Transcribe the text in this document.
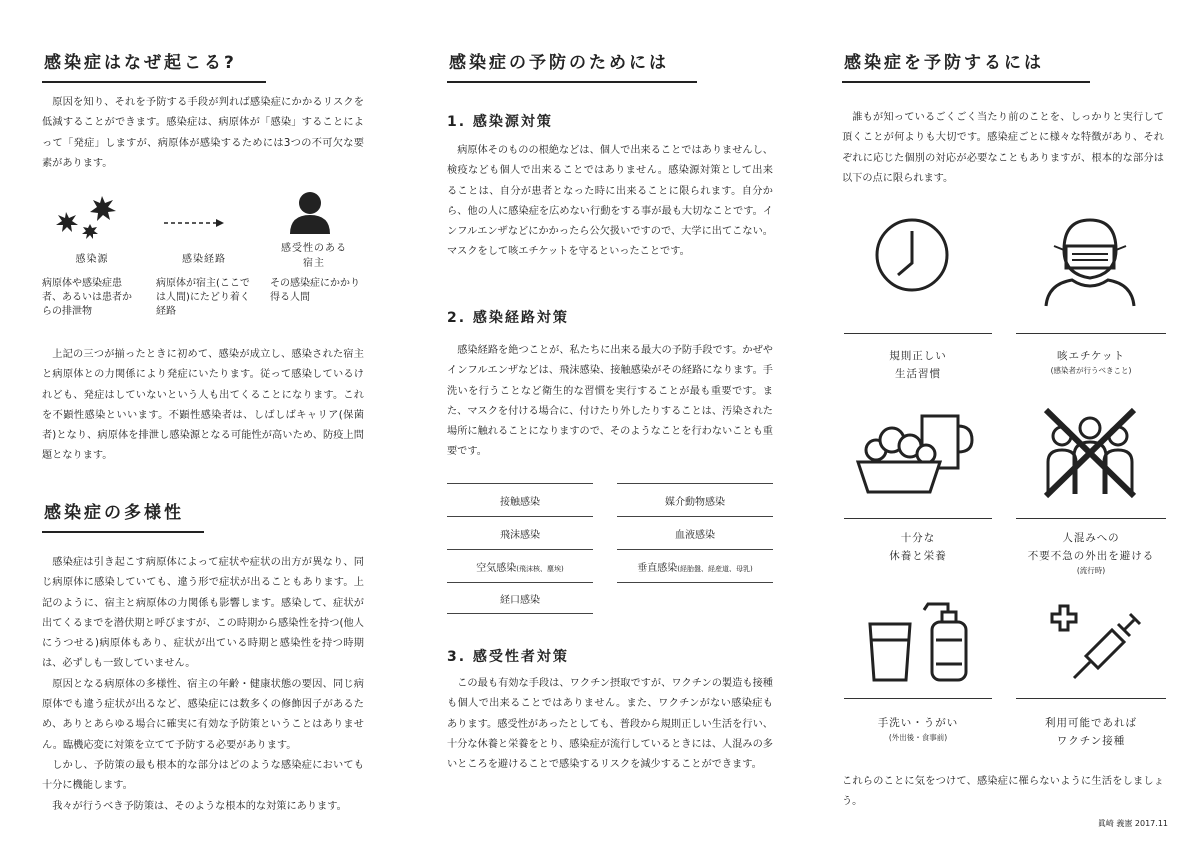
感染症はなぜ起こる?

原因を知り、それを予防する手段が判れば感染症にかかるリスクを低減することができます。感染症は、病原体が「感染」することによって「発症」しますが、病原体が感染するためには3つの不可欠な要素があります。

感染源	感染経路
感受性のある
宿主
病原体や感染症患者、あるいは患者からの排泄物
病原体が宿主(ここでは人間)にたどり着く経路
その感染症にかかり得る人間

上記の三つが揃ったときに初めて、感染が成立し、感染された宿主と病原体との力関係により発症にいたります。従って感染しているけれども、発症はしていないという人も出てくることになります。これを不顕性感染といいます。不顕性感染者は、しばしばキャリア(保菌者)となり、病原体を排泄し感染源となる可能性が高いため、防疫上問題となります。

感染症の多様性

感染症は引き起こす病原体によって症状や症状の出方が異なり、同じ病原体に感染していても、違う形で症状が出ることもあります。上記のように、宿主と病原体の力関係も影響します。感染して、症状が出てくるまでを潜伏期と呼びますが、この時期から感染性を持つ(他人にうつせる)病原体もあり、症状が出ている時期と感染性を持つ時期は、必ずしも一致していません。

原因となる病原体の多様性、宿主の年齢・健康状態の要因、同じ病原体でも違う症状が出るなど、感染症には数多くの修飾因子があるため、ありとあらゆる場合に確実に有効な予防策ということはありません。臨機応変に対策を立てて予防する必要があります。

しかし、予防策の最も根本的な部分はどのような感染症においても十分に機能します。

我々が行うべき予防策は、そのような根本的な対策にあります。

感染症の予防のためには
1. 感染源対策

病原体そのものの根絶などは、個人で出来ることではありませんし、検疫なども個人で出来ることではありません。感染源対策として出来ることは、自分が患者となった時に出来ることに限られます。自分から、他の人に感染症を広めない行動をする事が最も大切なことです。インフルエンザなどにかかったら公欠扱いですので、大学に出てこない。マスクをして咳エチケットを守るといったことです。

2. 感染経路対策

感染経路を絶つことが、私たちに出来る最大の予防手段です。かぜやインフルエンザなどは、飛沫感染、接触感染がその経路になります。手洗いを行うことなど衛生的な習慣を実行することが最も重要です。また、マスクを付ける場合に、付けたり外したりすることは、汚染された場所に触れることになりますので、そのようなことを行わないことも重要です。

接触感染
飛沫感染
空気感染(飛沫核、塵埃)
経口感染
媒介動物感染
血液感染
垂直感染(経胎盤、経産道、母乳)
3. 感受性者対策

この最も有効な手段は、ワクチン摂取ですが、ワクチンの製造も接種も個人で出来ることではありません。また、ワクチンがない感染症もあります。感受性があったとしても、普段から規則正しい生活を行い、十分な休養と栄養をとり、感染症が流行しているときには、人混みの多いところを避けることで感染するリスクを減少することができます。

感染症を予防するには

誰もが知っているごくごく当たり前のことを、しっかりと実行して頂くことが何よりも大切です。感染症ごとに様々な特徴があり、それぞれに応じた個別の対応が必要なこともありますが、根本的な部分は以下の点に限られます。

規則正しい
生活習慣
咳エチケット
(感染者が行うべきこと)
十分な
休養と栄養
人混みへの
不要不急の外出を避ける
(流行時)
手洗い・うがい
(外出後・食事前)
利用可能であれば
ワクチン接種

これらのことに気をつけて、感染症に罹らないように生活をしましょう。

眞崎 義憲 2017.11
